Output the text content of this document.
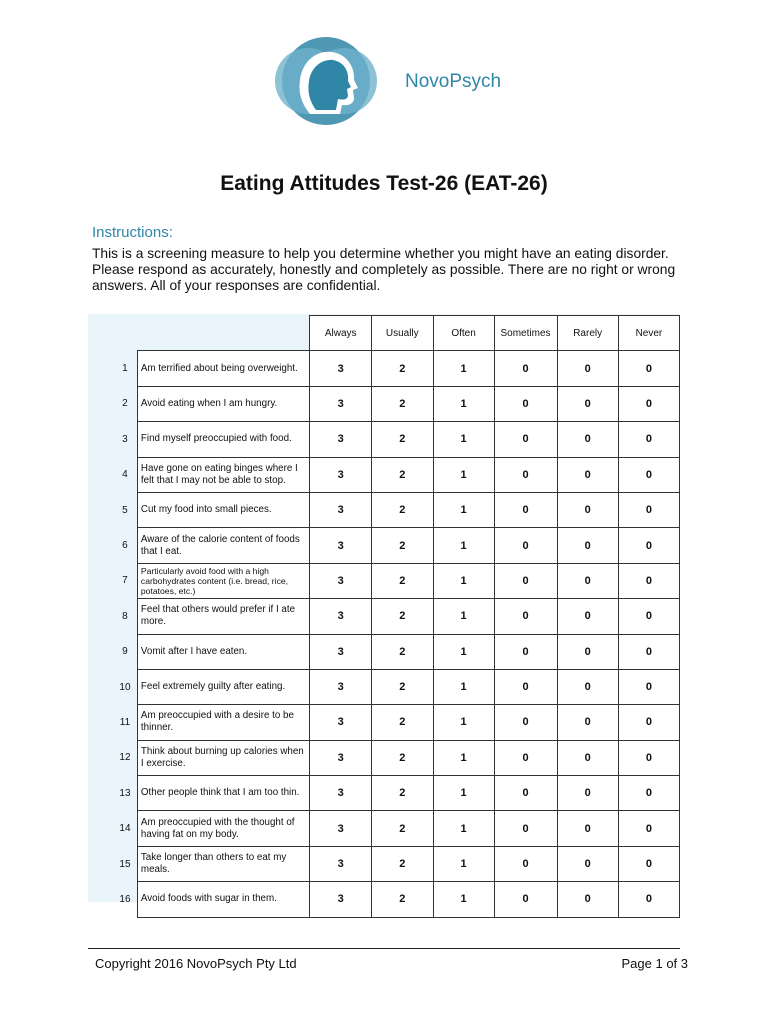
NovoPsych
Eating Attitudes Test-26 (EAT-26)
Instructions:
This is a screening measure to help you determine whether you might have an eating disorder. Please respond as accurately, honestly and completely as possible. There are no right or wrong answers. All of your responses are confidential.
		Always	Usually	Often	Sometimes	Rarely	Never
1	Am terrified about being overweight.	3	2	1	0	0	0
2	Avoid eating when I am hungry.	3	2	1	0	0	0
3	Find myself preoccupied with food.	3	2	1	0	0	0
4	Have gone on eating binges where I felt that I may not be able to stop.	3	2	1	0	0	0
5	Cut my food into small pieces.	3	2	1	0	0	0
6	Aware of the calorie content of foods that I eat.	3	2	1	0	0	0
7	Particularly avoid food with a high carbohydrates content (i.e. bread, rice, potatoes, etc.)	3	2	1	0	0	0
8	Feel that others would prefer if I ate more.	3	2	1	0	0	0
9	Vomit after I have eaten.	3	2	1	0	0	0
10	Feel extremely guilty after eating.	3	2	1	0	0	0
11	Am preoccupied with a desire to be thinner.	3	2	1	0	0	0
12	Think about burning up calories when I exercise.	3	2	1	0	0	0
13	Other people think that I am too thin.	3	2	1	0	0	0
14	Am preoccupied with the thought of having fat on my body.	3	2	1	0	0	0
15	Take longer than others to eat my meals.	3	2	1	0	0	0
16	Avoid foods with sugar in them.	3	2	1	0	0	0
Copyright 2016 NovoPsych Pty Ltd	Page 1 of 3
